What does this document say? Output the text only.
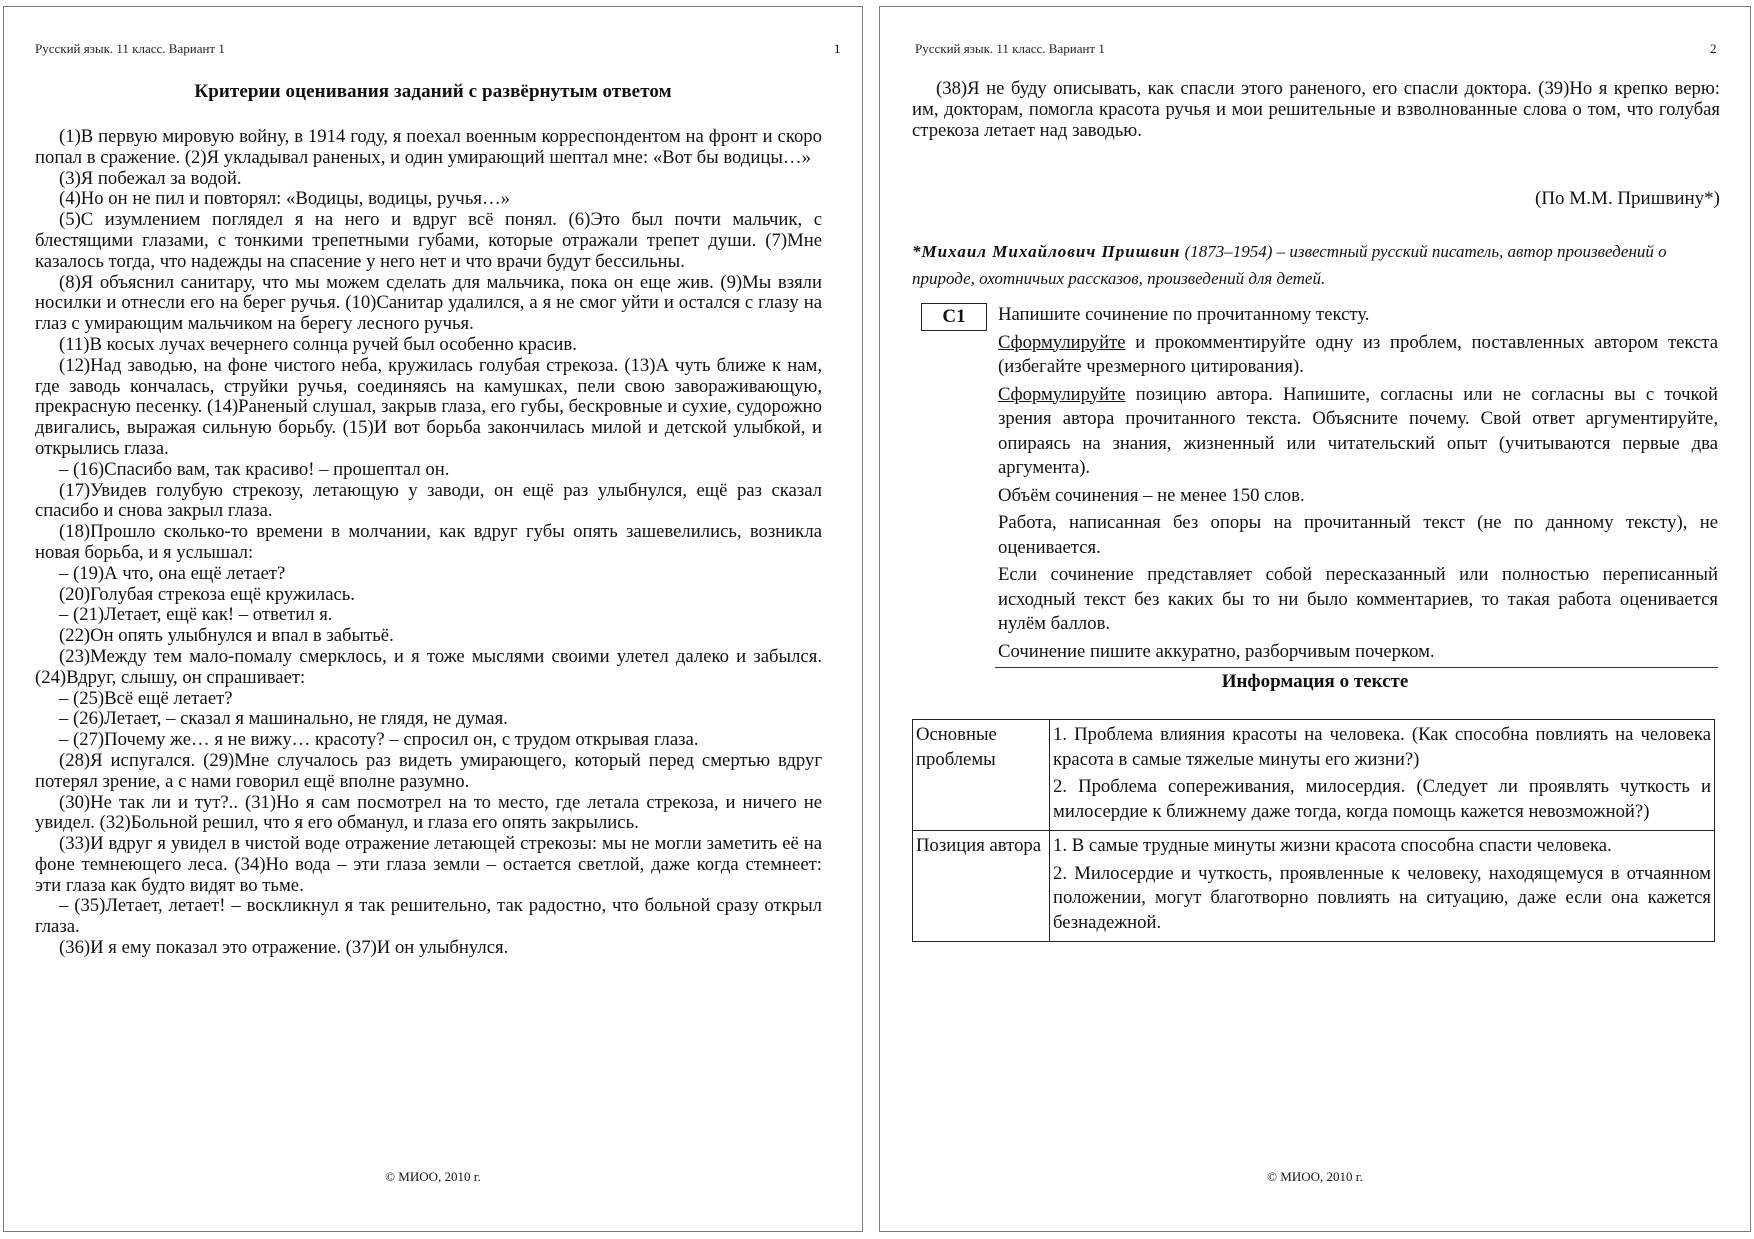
Русский язык. 11 класс. Вариант 1	1
Критерии оценивания заданий с развёрнутым ответом

(1)В первую мировую войну, в 1914 году, я поехал военным корреспондентом на фронт и скоро попал в сражение. (2)Я укладывал раненых, и один умирающий шептал мне: «Вот бы водицы…»

(3)Я побежал за водой.

(4)Но он не пил и повторял: «Водицы, водицы, ручья…»

(5)С изумлением поглядел я на него и вдруг всё понял. (6)Это был почти мальчик, с блестящими глазами, с тонкими трепетными губами, которые отражали трепет души. (7)Мне казалось тогда, что надежды на спасение у него нет и что врачи будут бессильны.

(8)Я объяснил санитару, что мы можем сделать для мальчика, пока он еще жив. (9)Мы взяли носилки и отнесли его на берег ручья. (10)Санитар удалился, а я не смог уйти и остался с глазу на глаз с умирающим мальчиком на берегу лесного ручья.

(11)В косых лучах вечернего солнца ручей был особенно красив.

(12)Над заводью, на фоне чистого неба, кружилась голубая стрекоза. (13)А чуть ближе к нам, где заводь кончалась, струйки ручья, соединяясь на камушках, пели свою завораживающую, прекрасную песенку. (14)Раненый слушал, закрыв глаза, его губы, бескровные и сухие, судорожно двигались, выражая сильную борьбу. (15)И вот борьба закончилась милой и детской улыбкой, и открылись глаза.

– (16)Спасибо вам, так красиво! – прошептал он.

(17)Увидев голубую стрекозу, летающую у заводи, он ещё раз улыбнулся, ещё раз сказал спасибо и снова закрыл глаза.

(18)Прошло сколько-то времени в молчании, как вдруг губы опять зашевелились, возникла новая борьба, и я услышал:

– (19)А что, она ещё летает?

(20)Голубая стрекоза ещё кружилась.

– (21)Летает, ещё как! – ответил я.

(22)Он опять улыбнулся и впал в забытьё.

(23)Между тем мало-помалу смерклось, и я тоже мыслями своими улетел далеко и забылся. (24)Вдруг, слышу, он спрашивает:

– (25)Всё ещё летает?

– (26)Летает, – сказал я машинально, не глядя, не думая.

– (27)Почему же… я не вижу… красоту? – спросил он, с трудом открывая глаза.

(28)Я испугался. (29)Мне случалось раз видеть умирающего, который перед смертью вдруг потерял зрение, а с нами говорил ещё вполне разумно.

(30)Не так ли и тут?.. (31)Но я сам посмотрел на то место, где летала стрекоза, и ничего не увидел. (32)Больной решил, что я его обманул, и глаза его опять закрылись.

(33)И вдруг я увидел в чистой воде отражение летающей стрекозы: мы не могли заметить её на фоне темнеющего леса. (34)Но вода – эти глаза земли – остается светлой, даже когда стемнеет: эти глаза как будто видят во тьме.

– (35)Летает, летает! – воскликнул я так решительно, так радостно, что больной сразу открыл глаза.

(36)И я ему показал это отражение. (37)И он улыбнулся.

© МИОО, 2010 г.
Русский язык. 11 класс. Вариант 1	2

(38)Я не буду описывать, как спасли этого раненого, его спасли доктора. (39)Но я крепко верю: им, докторам, помогла красота ручья и мои решительные и взволнованные слова о том, что голубая стрекоза летает над заводью.

(По М.М. Пришвину*)
*Михаил Михайлович Пришвин (1873–1954) – известный русский писатель, автор произведений о природе, охотничьих рассказов, произведений для детей.
С1	Напишите сочинение по прочитанному тексту.

Сформулируйте и прокомментируйте одну из проблем, поставленных автором текста (избегайте чрезмерного цитирования).

Сформулируйте позицию автора. Напишите, согласны или не согласны вы с точкой зрения автора прочитанного текста. Объясните почему. Свой ответ аргументируйте, опираясь на знания, жизненный или читательский опыт (учитываются первые два аргумента).

Объём сочинения – не менее 150 слов.

Работа, написанная без опоры на прочитанный текст (не по данному тексту), не оценивается.

Если сочинение представляет собой пересказанный или полностью переписанный исходный текст без каких бы то ни было комментариев, то такая работа оценивается нулём баллов.

Сочинение пишите аккуратно, разборчивым почерком.

Информация о тексте
Основные проблемы	1. Проблема влияния красоты на человека. (Как способна повлиять на человека красота в самые тяжелые минуты его жизни?)

2. Проблема сопереживания, милосердия. (Следует ли проявлять чуткость и милосердие к ближнему даже тогда, когда помощь кажется невозможной?)

Позиция автора	1. В самые трудные минуты жизни красота способна спасти человека.

2. Милосердие и чуткость, проявленные к человеку, находящемуся в отчаянном положении, могут благотворно повлиять на ситуацию, даже если она кажется безнадежной.

© МИОО, 2010 г.
